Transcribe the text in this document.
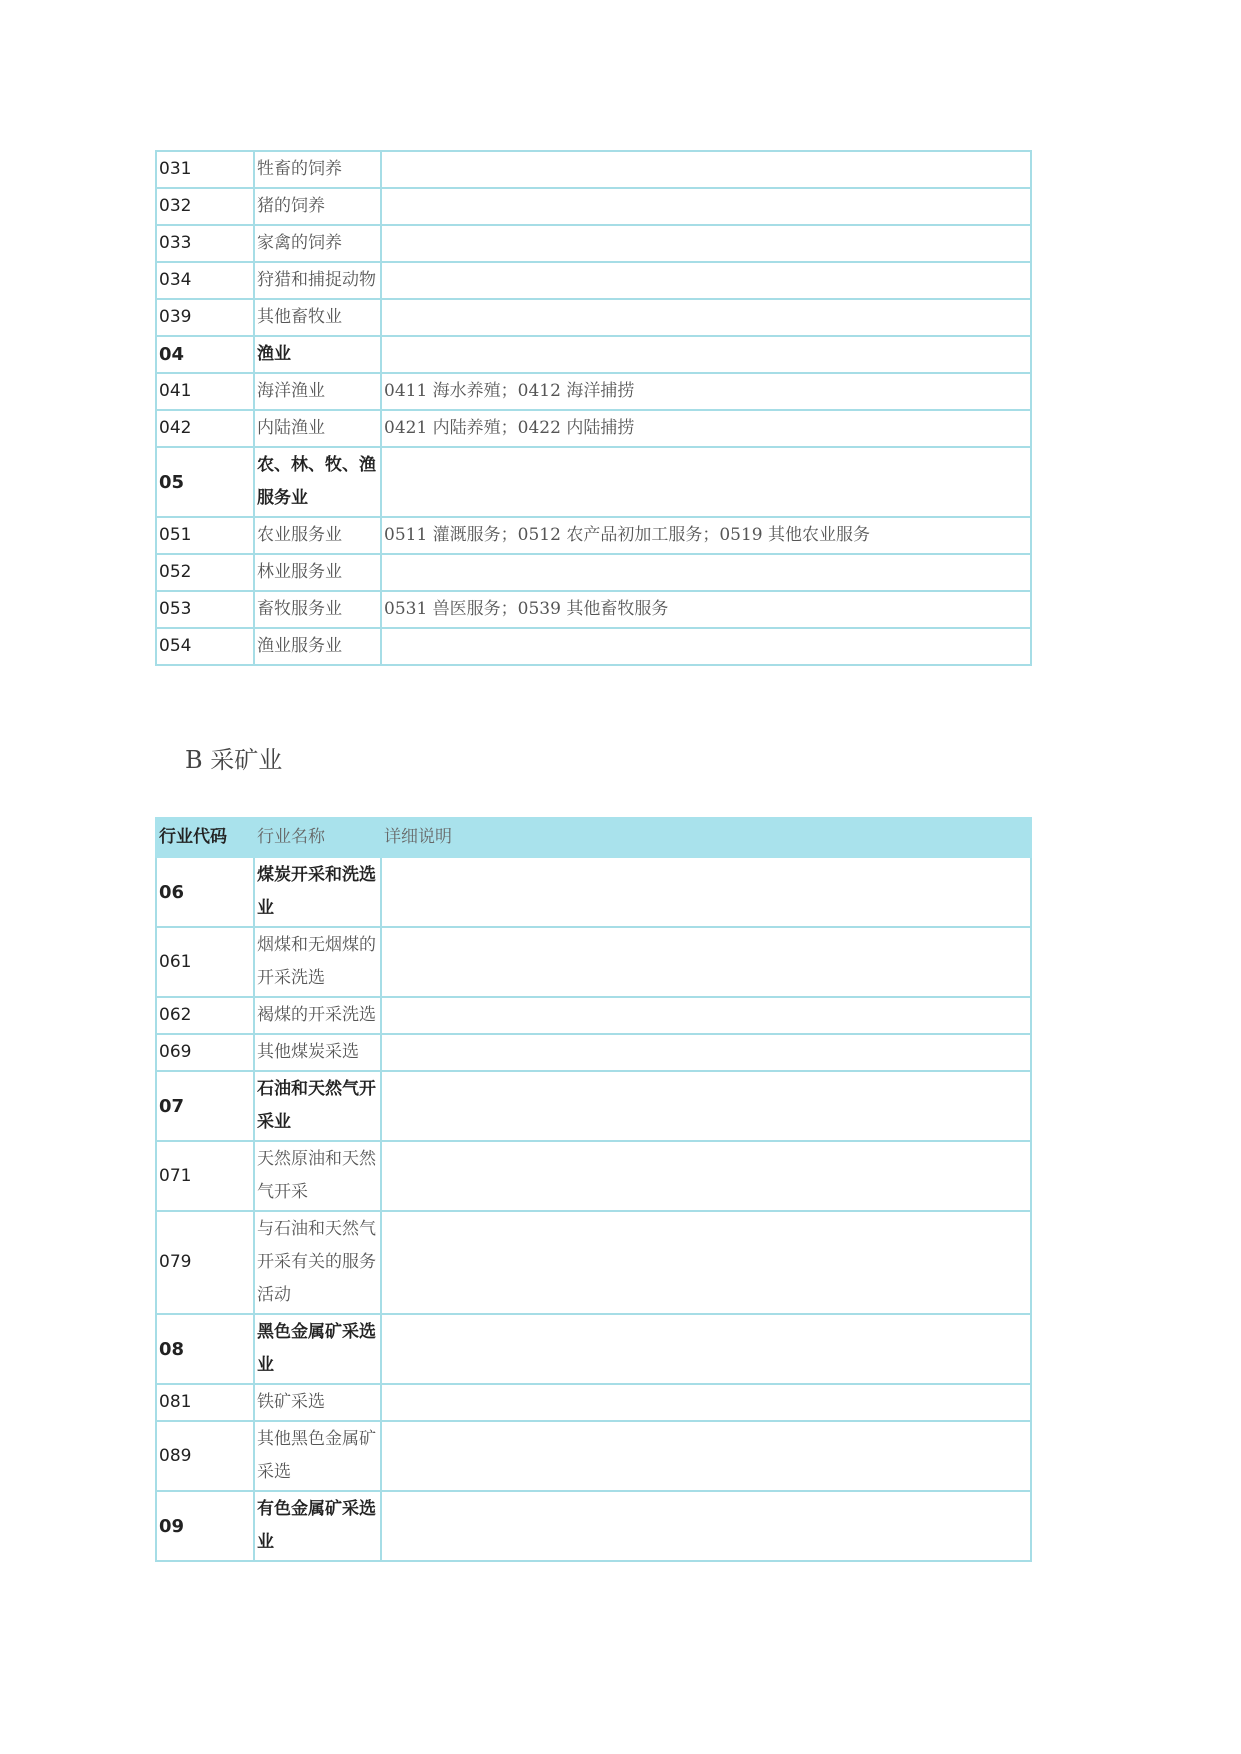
031	牲畜的饲养	
032	猪的饲养	
033	家禽的饲养	
034	狩猎和捕捉动物	
039	其他畜牧业	
04	渔业	
041	海洋渔业	0411 海水养殖；0412 海洋捕捞
042	内陆渔业	0421 内陆养殖；0422 内陆捕捞
05	农、林、牧、渔服务业	
051	农业服务业	0511 灌溉服务；0512 农产品初加工服务；0519 其他农业服务
052	林业服务业	
053	畜牧服务业	0531 兽医服务；0539 其他畜牧服务
054	渔业服务业	
B 采矿业
行业代码	行业名称	详细说明
06	煤炭开采和洗选业	
061	烟煤和无烟煤的开采洗选	
062	褐煤的开采洗选	
069	其他煤炭采选	
07	石油和天然气开采业	
071	天然原油和天然气开采	
079	与石油和天然气开采有关的服务活动	
08	黑色金属矿采选业	
081	铁矿采选	
089	其他黑色金属矿采选	
09	有色金属矿采选业	
